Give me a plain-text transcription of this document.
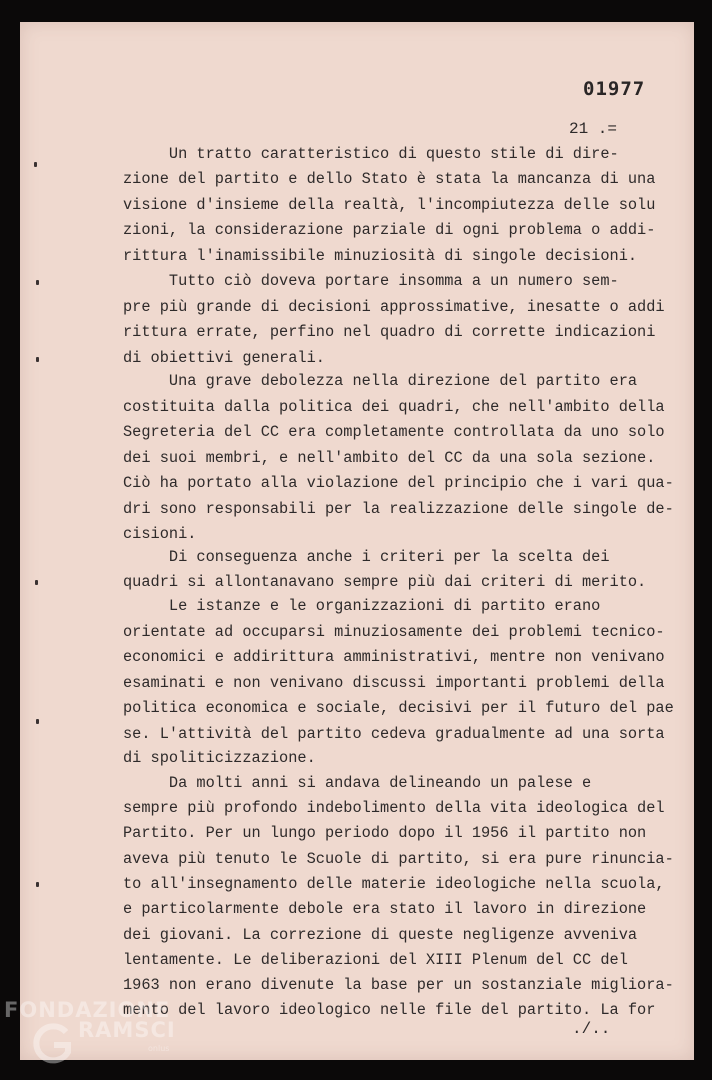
01977
21 .=

Un tratto caratteristico di questo stile di dire-

zione del partito e dello Stato è stata la mancanza di una

visione d'insieme della realtà, l'incompiutezza delle solu

zioni, la considerazione parziale di ogni problema o addi-

rittura l'inamissibile minuziosità di singole decisioni.

Tutto ciò doveva portare insomma a un numero sem-

pre più grande di decisioni approssimative, inesatte o addi

rittura errate, perfino nel quadro di corrette indicazioni

di obiettivi generali.

Una grave debolezza nella direzione del partito era

costituita dalla politica dei quadri, che nell'ambito della

Segreteria del CC era completamente controllata da uno solo

dei suoi membri, e nell'ambito del CC da una sola sezione.

Ciò ha portato alla violazione del principio che i vari qua-

dri sono responsabili per la realizzazione delle singole de-

cisioni.

Di conseguenza anche i criteri per la scelta dei

quadri si allontanavano sempre più dai criteri di merito.

Le istanze e le organizzazioni di partito erano

orientate ad occuparsi minuziosamente dei problemi tecnico-

economici e addirittura amministrativi, mentre non venivano

esaminati e non venivano discussi importanti problemi della

politica economica e sociale, decisivi per il futuro del pae

se. L'attività del partito cedeva gradualmente ad una sorta

di spoliticizzazione.

Da molti anni si andava delineando un palese e

sempre più profondo indebolimento della vita ideologica del

Partito. Per un lungo periodo dopo il 1956 il partito non

aveva più tenuto le Scuole di partito, si era pure rinuncia-

to all'insegnamento delle materie ideologiche nella scuola,

e particolarmente debole era stato il lavoro in direzione

dei giovani. La correzione di queste negligenze avveniva

lentamente. Le deliberazioni del XIII Plenum del CC del

1963 non erano divenute la base per un sostanziale migliora-

mento del lavoro ideologico nelle file del partito. La for

./..
FONDAZIONE
RAMSCI
onlus
